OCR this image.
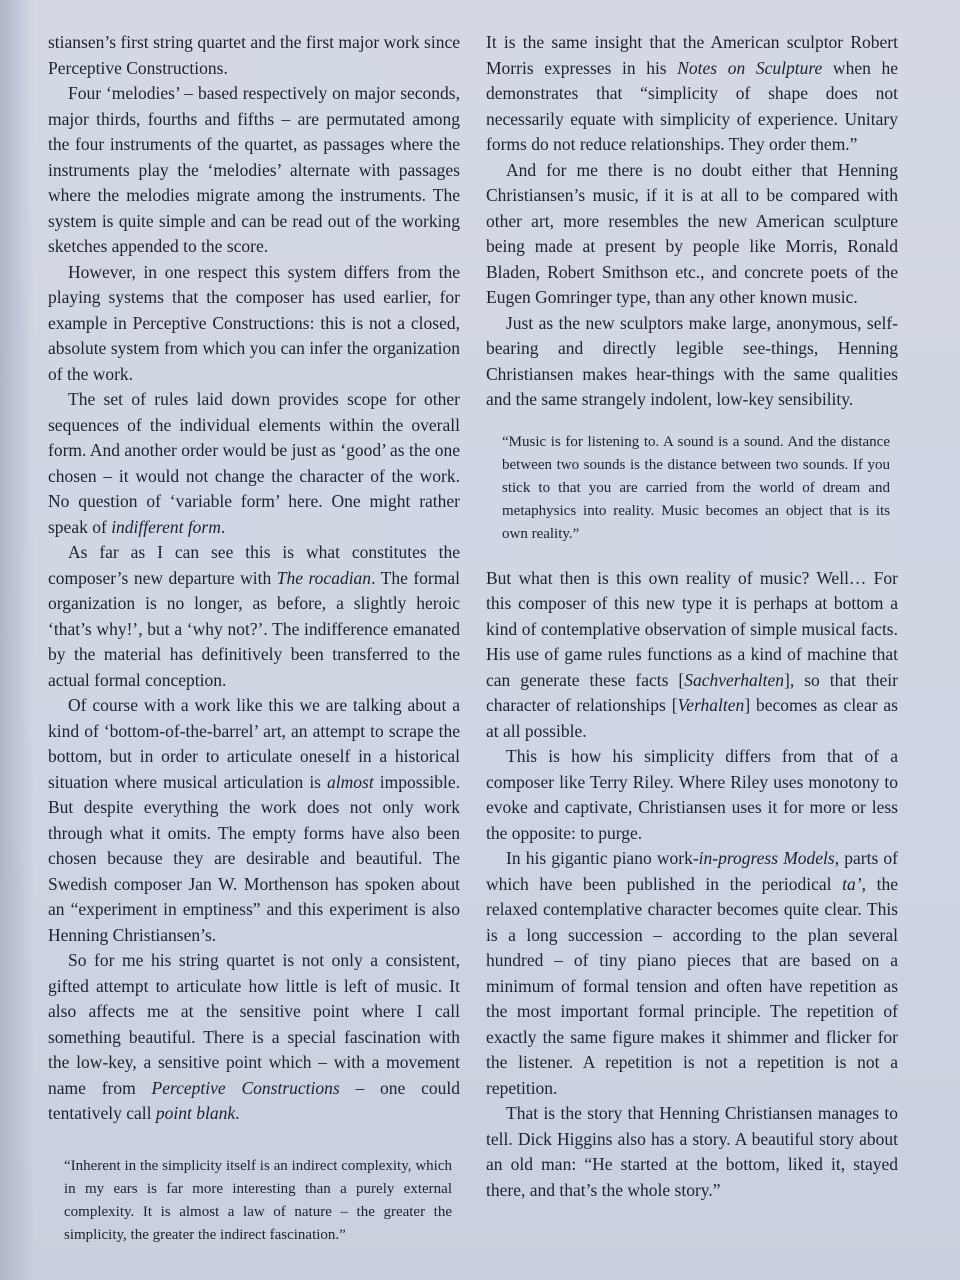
stiansen’s first string quartet and the first major work since Perceptive Constructions.

Four ‘melodies’ – based respectively on major seconds, major thirds, fourths and fifths – are permutated among the four instruments of the quartet, as passages where the instruments play the ‘melodies’ alternate with passages where the melodies migrate among the instruments. The system is quite simple and can be read out of the working sketches appended to the score.

However, in one respect this system differs from the playing systems that the composer has used earlier, for example in Perceptive Constructions: this is not a closed, absolute system from which you can infer the organization of the work.

The set of rules laid down provides scope for other sequences of the individual elements within the overall form. And another order would be just as ‘good’ as the one chosen – it would not change the character of the work. No question of ‘variable form’ here. One might rather speak of indifferent form.

As far as I can see this is what constitutes the composer’s new departure with The rocadian. The formal organization is no longer, as before, a slightly heroic ‘that’s why!’, but a ‘why not?’. The indifference emanated by the material has definitively been transferred to the actual formal conception.

Of course with a work like this we are talking about a kind of ‘bottom-of-the-barrel’ art, an attempt to scrape the bottom, but in order to articulate oneself in a historical situation where musical articulation is almost impossible. But despite everything the work does not only work through what it omits. The empty forms have also been chosen because they are desirable and beautiful. The Swedish composer Jan W. Morthenson has spoken about an “experiment in emptiness” and this experiment is also Henning Christiansen’s.

So for me his string quartet is not only a consistent, gifted attempt to articulate how little is left of music. It also affects me at the sensitive point where I call something beautiful. There is a special fascination with the low-key, a sensitive point which – with a movement name from Perceptive Constructions – one could tentatively call point blank.

“Inherent in the simplicity itself is an indirect complexity, which in my ears is far more interesting than a purely external complexity. It is almost a law of nature – the greater the simplicity, the greater the indirect fascination.”

It is the same insight that the American sculptor Robert Morris expresses in his Notes on Sculpture when he demonstrates that “simplicity of shape does not necessarily equate with simplicity of experience. Unitary forms do not reduce relationships. They order them.”

And for me there is no doubt either that Henning Christiansen’s music, if it is at all to be compared with other art, more resembles the new American sculpture being made at present by people like Morris, Ronald Bladen, Robert Smithson etc., and concrete poets of the Eugen Gomringer type, than any other known music.

Just as the new sculptors make large, anonymous, self-bearing and directly legible see-things, Henning Christiansen makes hear-things with the same qualities and the same strangely indolent, low-key sensibility.

“Music is for listening to. A sound is a sound. And the distance between two sounds is the distance between two sounds. If you stick to that you are carried from the world of dream and metaphysics into reality. Music becomes an object that is its own reality.”

But what then is this own reality of music? Well… For this composer of this new type it is perhaps at bottom a kind of contemplative observation of simple musical facts. His use of game rules functions as a kind of machine that can generate these facts [Sachverhalten], so that their character of relationships [Verhalten] becomes as clear as at all possible.

This is how his simplicity differs from that of a composer like Terry Riley. Where Riley uses monotony to evoke and captivate, Christiansen uses it for more or less the opposite: to purge.

In his gigantic piano work-in-progress Models, parts of which have been published in the periodical ta’, the relaxed contemplative character becomes quite clear. This is a long succession – according to the plan several hundred – of tiny piano pieces that are based on a minimum of formal tension and often have repetition as the most important formal principle. The repetition of exactly the same figure makes it shimmer and flicker for the listener. A repetition is not a repetition is not a repetition.

That is the story that Henning Christiansen manages to tell. Dick Higgins also has a story. A beautiful story about an old man: “He started at the bottom, liked it, stayed there, and that’s the whole story.”
